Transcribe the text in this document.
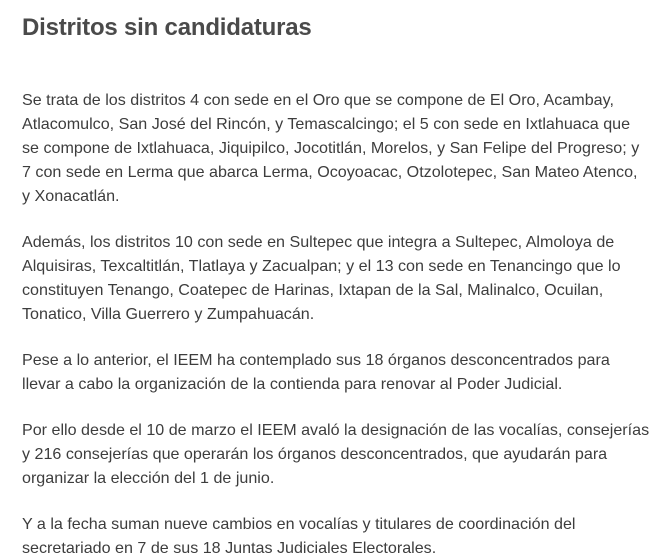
Distritos sin candidaturas

Se trata de los distritos 4 con sede en el Oro que se compone de El Oro, Acambay, Atlacomulco, San José del Rincón, y Temascalcingo; el 5 con sede en Ixtlahuaca que se compone de Ixtlahuaca, Jiquipilco, Jocotitlán, Morelos, y San Felipe del Progreso; y 7 con sede en Lerma que abarca Lerma, Ocoyoacac, Otzolotepec, San Mateo Atenco, y Xonacatlán.

Además, los distritos 10 con sede en Sultepec que integra a Sultepec, Almoloya de Alquisiras, Texcaltitlán, Tlatlaya y Zacualpan; y el 13 con sede en Tenancingo que lo constituyen Tenango, Coatepec de Harinas, Ixtapan de la Sal, Malinalco, Ocuilan, Tonatico, Villa Guerrero y Zumpahuacán.

Pese a lo anterior, el IEEM ha contemplado sus 18 órganos desconcentrados para llevar a cabo la organización de la contienda para renovar al Poder Judicial.

Por ello desde el 10 de marzo el IEEM avaló la designación de las vocalías, consejerías y 216 consejerías que operarán los órganos desconcentrados, que ayudarán para organizar la elección del 1 de junio.

Y a la fecha suman nueve cambios en vocalías y titulares de coordinación del secretariado en 7 de sus 18 Juntas Judiciales Electorales.
